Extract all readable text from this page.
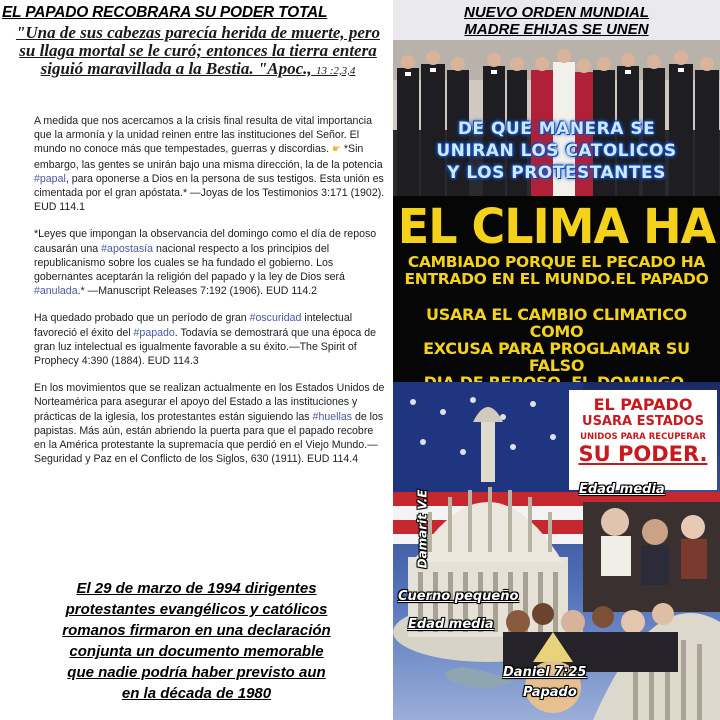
EL PAPADO RECOBRARA SU PODER TOTAL
"Una de sus cabezas parecía herida de muerte, pero su llaga mortal se le curó; entonces la tierra entera siguió maravillada a la Bestia. "Apoc., 13 :2,3,4

A medida que nos acercamos a la crisis final resulta de vital importancia que la armonía y la unidad reinen entre las instituciones del Señor. El mundo no conoce más que tempestades, guerras y discordias. ☛ *Sin embargo, las gentes se unirán bajo una misma dirección, la de la potencia #papal, para oponerse a Dios en la persona de sus testigos. Esta unión es cimentada por el gran apóstata.* —Joyas de los Testimonios 3:171 (1902). EUD 114.1

*Leyes que impongan la observancia del domingo como el día de reposo causarán una #apostasía nacional respecto a los principios del republicanismo sobre los cuales se ha fundado el gobierno. Los gobernantes aceptarán la religión del papado y la ley de Dios será #anulada.* —Manuscript Releases 7:192 (1906). EUD 114.2

Ha quedado probado que un período de gran #oscuridad intelectual favoreció el éxito del #papado. Todavía se demostrará que una época de gran luz intelectual es igualmente favorable a su éxito.—The Spirit of Prophecy 4:390 (1884). EUD 114.3

En los movimientos que se realizan actualmente en los Estados Unidos de Norteamérica para asegurar el apoyo del Estado a las instituciones y prácticas de la iglesia, los protestantes están siguiendo las #huellas de los papistas. Más aún, están abriendo la puerta para que el papado recobre en la América protestante la supremacía que perdió en el Viejo Mundo.—Seguridad y Paz en el Conflicto de los Siglos, 630 (1911). EUD 114.4

El 29 de marzo de 1994 dirigentes
protestantes evangélicos y católicos
romanos firmaron en una declaración
conjunta un documento memorable
que nadie podría haber previsto aun
en la década de 1980
NUEVO ORDEN MUNDIAL
MADRE EHIJAS SE UNEN
DE QUE MANERA SE
UNIRAN LOS CATOLICOS
Y LOS PROTESTANTES
EL CLIMA HA
CAMBIADO PORQUE EL PECADO HA
ENTRADO EN EL MUNDO.EL PAPADO
USARA EL CAMBIO CLIMATICO COMO
EXCUSA PARA PROGLAMAR SU FALSO
EL PAPADO
USARA ESTADOS
UNIDOS PARA RECUPERAR
SU PODER.
Edad media
Damarit V.E
Cuerno pequeño
Edad media
Daniel 7:25
Papado
